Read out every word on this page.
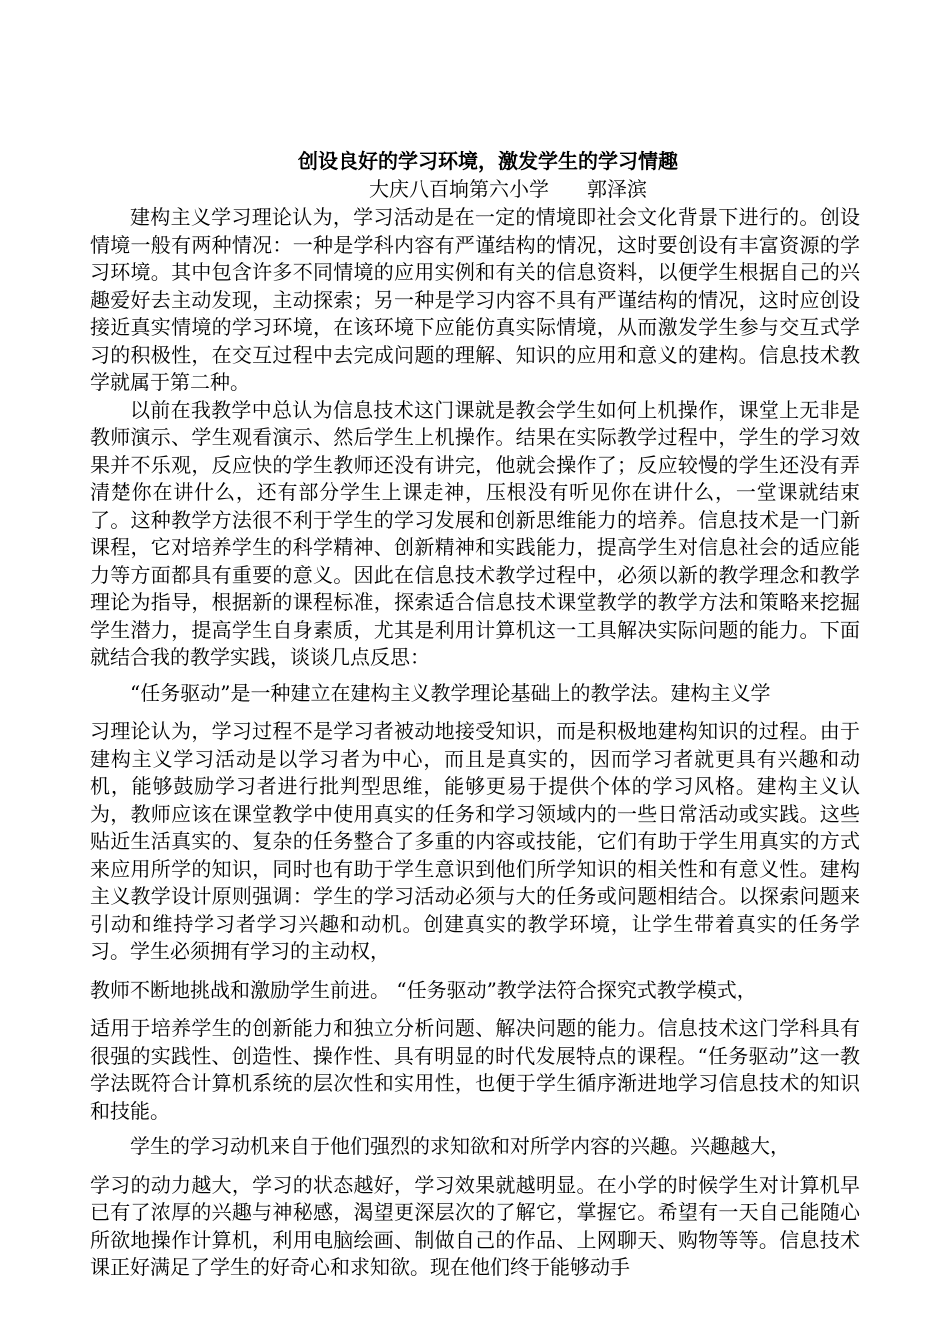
创设良好的学习环境，激发学生的学习情趣
大庆八百垧第六小学 郭泽滨

建构主义学习理论认为，学习活动是在一定的情境即社会文化背景下进行的。创设情境一般有两种情况：一种是学科内容有严谨结构的情况，这时要创设有丰富资源的学习环境。其中包含许多不同情境的应用实例和有关的信息资料，以便学生根据自己的兴趣爱好去主动发现，主动探索；另一种是学习内容不具有严谨结构的情况，这时应创设接近真实情境的学习环境，在该环境下应能仿真实际情境，从而激发学生参与交互式学习的积极性，在交互过程中去完成问题的理解、知识的应用和意义的建构。信息技术教学就属于第二种。

以前在我教学中总认为信息技术这门课就是教会学生如何上机操作，课堂上无非是教师演示、学生观看演示、然后学生上机操作。结果在实际教学过程中，学生的学习效果并不乐观，反应快的学生教师还没有讲完，他就会操作了；反应较慢的学生还没有弄清楚你在讲什么，还有部分学生上课走神，压根没有听见你在讲什么，一堂课就结束了。这种教学方法很不利于学生的学习发展和创新思维能力的培养。信息技术是一门新课程，它对培养学生的科学精神、创新精神和实践能力，提高学生对信息社会的适应能力等方面都具有重要的意义。因此在信息技术教学过程中，必须以新的教学理念和教学理论为指导，根据新的课程标准，探索适合信息技术课堂教学的教学方法和策略来挖掘学生潜力，提高学生自身素质，尤其是利用计算机这一工具解决实际问题的能力。下面就结合我的教学实践，谈谈几点反思：

“任务驱动”是一种建立在建构主义教学理论基础上的教学法。建构主义学

习理论认为，学习过程不是学习者被动地接受知识，而是积极地建构知识的过程。由于建构主义学习活动是以学习者为中心，而且是真实的，因而学习者就更具有兴趣和动机，能够鼓励学习者进行批判型思维，能够更易于提供个体的学习风格。建构主义认为，教师应该在课堂教学中使用真实的任务和学习领域内的一些日常活动或实践。这些贴近生活真实的、复杂的任务整合了多重的内容或技能，它们有助于学生用真实的方式来应用所学的知识，同时也有助于学生意识到他们所学知识的相关性和有意义性。建构主义教学设计原则强调：学生的学习活动必须与大的任务或问题相结合。以探索问题来引动和维持学习者学习兴趣和动机。创建真实的教学环境，让学生带着真实的任务学习。学生必须拥有学习的主动权，

教师不断地挑战和激励学生前进。 “任务驱动”教学法符合探究式教学模式，

适用于培养学生的创新能力和独立分析问题、解决问题的能力。信息技术这门学科具有很强的实践性、创造性、操作性、具有明显的时代发展特点的课程。“任务驱动”这一教学法既符合计算机系统的层次性和实用性，也便于学生循序渐进地学习信息技术的知识和技能。

学生的学习动机来自于他们强烈的求知欲和对所学内容的兴趣。兴趣越大，

学习的动力越大，学习的状态越好，学习效果就越明显。在小学的时候学生对计算机早已有了浓厚的兴趣与神秘感，渴望更深层次的了解它，掌握它。希望有一天自己能随心所欲地操作计算机，利用电脑绘画、制做自己的作品、上网聊天、购物等等。信息技术课正好满足了学生的好奇心和求知欲。现在他们终于能够动手
